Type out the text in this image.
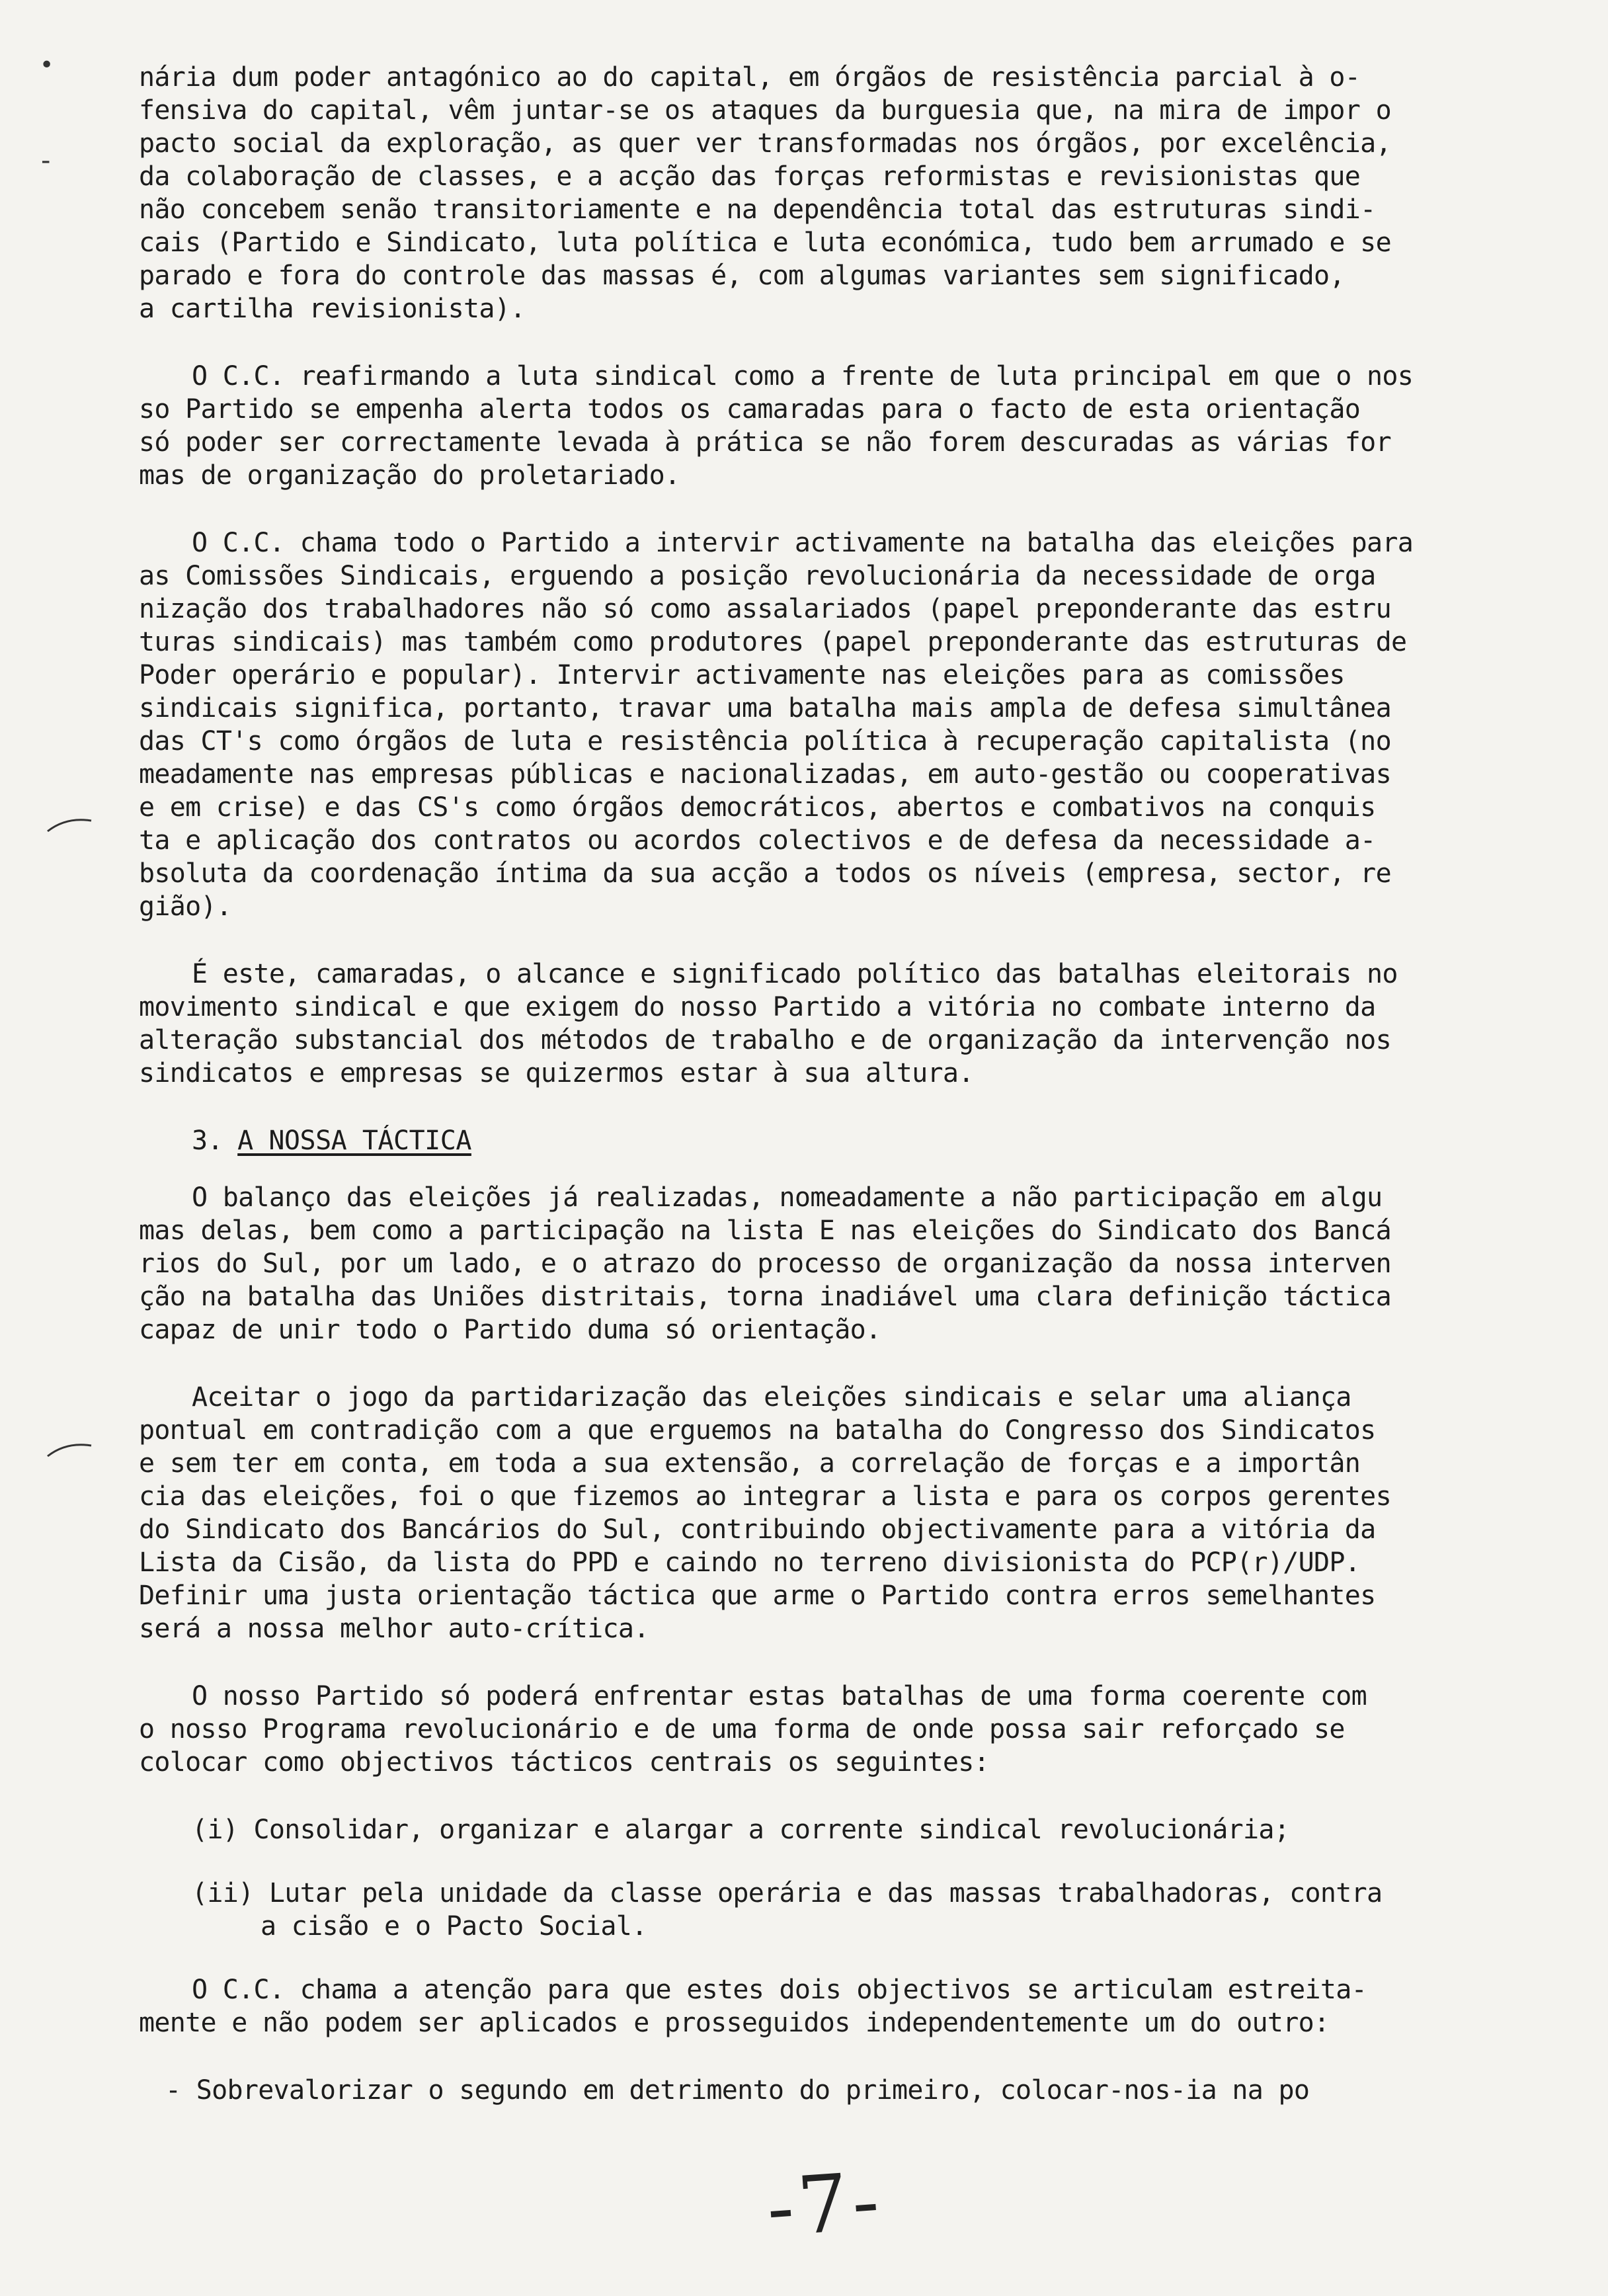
•
-
nária dum poder antagónico ao do capital, em órgãos de resistência parcial à o-
fensiva do capital, vêm juntar-se os ataques da burguesia que, na mira de impor o
pacto social da exploração, as quer ver transformadas nos órgãos, por excelência,
da colaboração de classes, e a acção das forças reformistas e revisionistas que
não concebem senão transitoriamente e na dependência total das estruturas sindi-
cais (Partido e Sindicato, luta política e luta económica, tudo bem arrumado e se
parado e fora do controle das massas é, com algumas variantes sem significado,
a cartilha revisionista).
O C.C. reafirmando a luta sindical como a frente de luta principal em que o nos
so Partido se empenha alerta todos os camaradas para o facto de esta orientação
só poder ser correctamente levada à prática se não forem descuradas as várias for
mas de organização do proletariado.
O C.C. chama todo o Partido a intervir activamente na batalha das eleições para
as Comissões Sindicais, erguendo a posição revolucionária da necessidade de orga
nização dos trabalhadores não só como assalariados (papel preponderante das estru
turas sindicais) mas também como produtores (papel preponderante das estruturas de
Poder operário e popular). Intervir activamente nas eleições para as comissões
sindicais significa, portanto, travar uma batalha mais ampla de defesa simultânea
das CT's como órgãos de luta e resistência política à recuperação capitalista (no
meadamente nas empresas públicas e nacionalizadas, em auto-gestão ou cooperativas
e em crise) e das CS's como órgãos democráticos, abertos e combativos na conquis
ta e aplicação dos contratos ou acordos colectivos e de defesa da necessidade a-
bsoluta da coordenação íntima da sua acção a todos os níveis (empresa, sector, re
gião).
É este, camaradas, o alcance e significado político das batalhas eleitorais no
movimento sindical e que exigem do nosso Partido a vitória no combate interno da
alteração substancial dos métodos de trabalho e de organização da intervenção nos
sindicatos e empresas se quizermos estar à sua altura.
3. A NOSSA TÁCTICA
O balanço das eleições já realizadas, nomeadamente a não participação em algu
mas delas, bem como a participação na lista E nas eleições do Sindicato dos Bancá
rios do Sul, por um lado, e o atrazo do processo de organização da nossa interven
ção na batalha das Uniões distritais, torna inadiável uma clara definição táctica
capaz de unir todo o Partido duma só orientação.
Aceitar o jogo da partidarização das eleições sindicais e selar uma aliança
pontual em contradição com a que erguemos na batalha do Congresso dos Sindicatos
e sem ter em conta, em toda a sua extensão, a correlação de forças e a importân
cia das eleições, foi o que fizemos ao integrar a lista e para os corpos gerentes
do Sindicato dos Bancários do Sul, contribuindo objectivamente para a vitória da
Lista da Cisão, da lista do PPD e caindo no terreno divisionista do PCP(r)/UDP.
Definir uma justa orientação táctica que arme o Partido contra erros semelhantes
será a nossa melhor auto-crítica.
O nosso Partido só poderá enfrentar estas batalhas de uma forma coerente com
o nosso Programa revolucionário e de uma forma de onde possa sair reforçado se
colocar como objectivos tácticos centrais os seguintes:
(i) Consolidar, organizar e alargar a corrente sindical revolucionária;
(ii) Lutar pela unidade da classe operária e das massas trabalhadoras, contra
a cisão e o Pacto Social.
O C.C. chama a atenção para que estes dois objectivos se articulam estreita-
mente e não podem ser aplicados e prosseguidos independentemente um do outro:
- Sobrevalorizar o segundo em detrimento do primeiro, colocar-nos-ia na po
-7-
